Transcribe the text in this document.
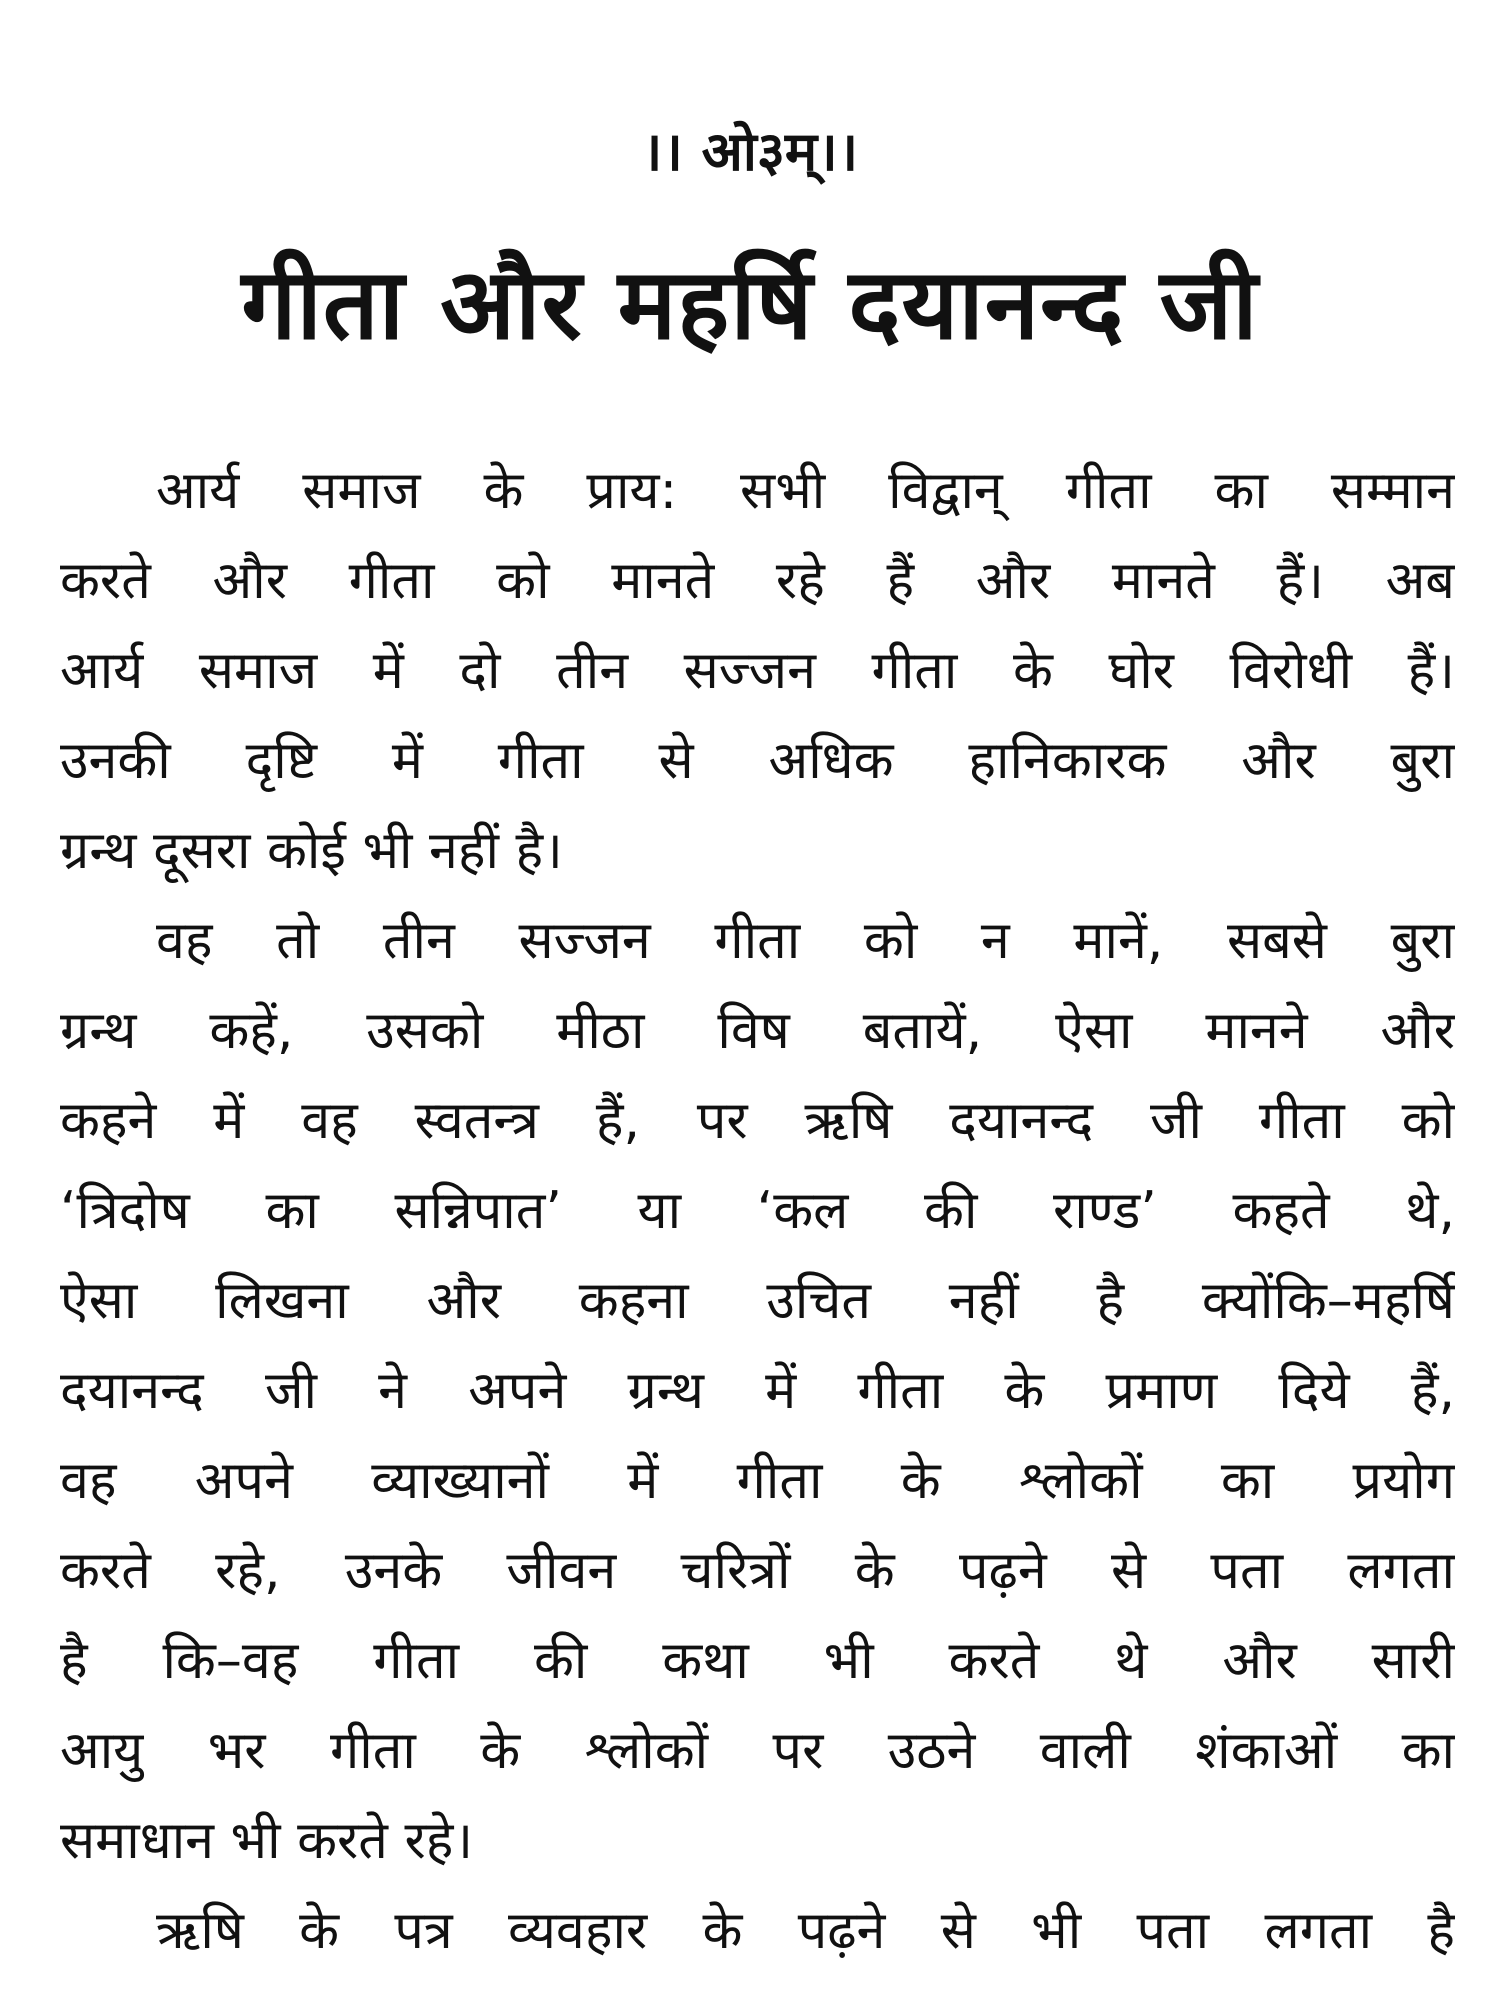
।। ओ३म्।।
गीता और महर्षि दयानन्द जी
आर्य समाज के प्राय: सभी विद्वान् गीता का सम्मान
करते और गीता को मानते रहे हैं और मानते हैं। अब
आर्य समाज में दो तीन सज्जन गीता के घोर विरोधी हैं।
उनकी दृष्टि में गीता से अधिक हानिकारक और बुरा
ग्रन्थ दूसरा कोई भी नहीं है।
वह तो तीन सज्जन गीता को न मानें, सबसे बुरा
ग्रन्थ कहें, उसको मीठा विष बतायें, ऐसा मानने और
कहने में वह स्वतन्त्र हैं, पर ऋषि दयानन्द जी गीता को
‘त्रिदोष का सन्निपात’ या ‘कल की राण्ड’ कहते थे,
ऐसा लिखना और कहना उचित नहीं है क्योंकि–महर्षि
दयानन्द जी ने अपने ग्रन्थ में गीता के प्रमाण दिये हैं,
वह अपने व्याख्यानों में गीता के श्लोकों का प्रयोग
करते रहे, उनके जीवन चरित्रों के पढ़ने से पता लगता
है कि–वह गीता की कथा भी करते थे और सारी
आयु भर गीता के श्लोकों पर उठने वाली शंकाओं का
समाधान भी करते रहे।
ऋषि के पत्र व्यवहार के पढ़ने से भी पता लगता है
